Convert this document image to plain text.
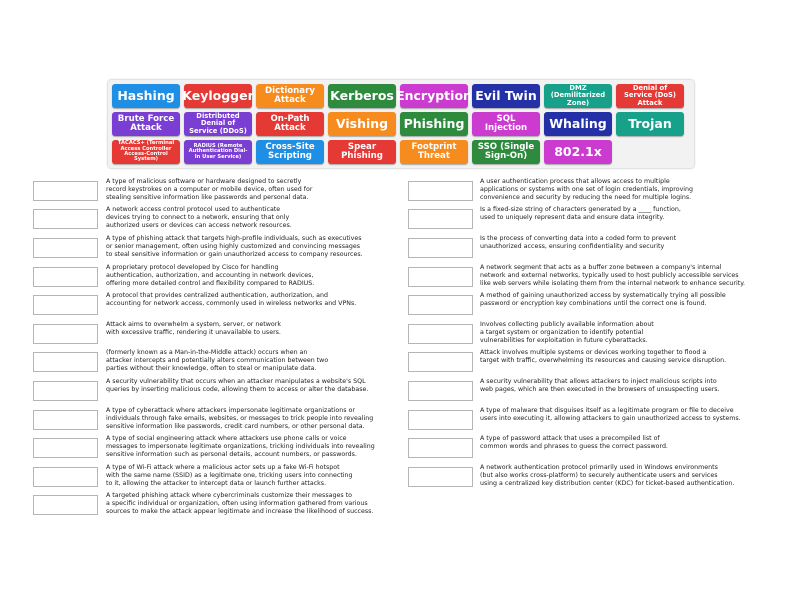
Hashing Keylogger	Dictionary Attack	Kerberos Encryption Evil Twin
DMZ (Demilitarized Zone)
Denial of Service (DoS) Attack
Brute Force Attack
Distributed Denial of Service (DDoS)
On-Path Attack	Vishing	Phishing	SQL Injection	Whaling	Trojan
TACACS+ (Terminal Access Controller Access-Control System)
RADIUS (Remote Authentication Dial-In User Service)
Cross-Site Scripting
Spear Phishing
Footprint Threat
SSO (Single Sign-On)	802.1x
A type of malicious software or hardware designed to secretly
record keystrokes on a computer or mobile device, often used for
stealing sensitive information like passwords and personal data.
A network access control protocol used to authenticate
devices trying to connect to a network, ensuring that only
authorized users or devices can access network resources.
A type of phishing attack that targets high-profile individuals, such as executives
or senior management, often using highly customized and convincing messages
to steal sensitive information or gain unauthorized access to company resources.
A proprietary protocol developed by Cisco for handling
authentication, authorization, and accounting in network devices,
offering more detailed control and flexibility compared to RADIUS.
A protocol that provides centralized authentication, authorization, and
accounting for network access, commonly used in wireless networks and VPNs.
Attack aims to overwhelm a system, server, or network
with excessive traffic, rendering it unavailable to users.
(formerly known as a Man-in-the-Middle attack) occurs when an
attacker intercepts and potentially alters communication between two
parties without their knowledge, often to steal or manipulate data.
A security vulnerability that occurs when an attacker manipulates a website's SQL
queries by inserting malicious code, allowing them to access or alter the database.
A type of cyberattack where attackers impersonate legitimate organizations or
individuals through fake emails, websites, or messages to trick people into revealing
sensitive information like passwords, credit card numbers, or other personal data.
A type of social engineering attack where attackers use phone calls or voice
messages to impersonate legitimate organizations, tricking individuals into revealing
sensitive information such as personal details, account numbers, or passwords.
A type of Wi-Fi attack where a malicious actor sets up a fake Wi-Fi hotspot
with the same name (SSID) as a legitimate one, tricking users into connecting
to it, allowing the attacker to intercept data or launch further attacks.
A targeted phishing attack where cybercriminals customize their messages to
a specific individual or organization, often using information gathered from various
sources to make the attack appear legitimate and increase the likelihood of success.
A user authentication process that allows access to multiple
applications or systems with one set of login credentials, improving
convenience and security by reducing the need for multiple logins.
Is a fixed-size string of characters generated by a ____ function,
used to uniquely represent data and ensure data integrity.
Is the process of converting data into a coded form to prevent
unauthorized access, ensuring confidentiality and security
A network segment that acts as a buffer zone between a company's internal
network and external networks, typically used to host publicly accessible services
like web servers while isolating them from the internal network to enhance security.
A method of gaining unauthorized access by systematically trying all possible
password or encryption key combinations until the correct one is found.
Involves collecting publicly available information about
a target system or organization to identify potential
vulnerabilities for exploitation in future cyberattacks.
Attack involves multiple systems or devices working together to flood a
target with traffic, overwhelming its resources and causing service disruption.
A security vulnerability that allows attackers to inject malicious scripts into
web pages, which are then executed in the browsers of unsuspecting users.
A type of malware that disguises itself as a legitimate program or file to deceive
users into executing it, allowing attackers to gain unauthorized access to systems.
A type of password attack that uses a precompiled list of
common words and phrases to guess the correct password.
A network authentication protocol primarily used in Windows environments
(but also works cross-platform) to securely authenticate users and services
using a centralized key distribution center (KDC) for ticket-based authentication.
